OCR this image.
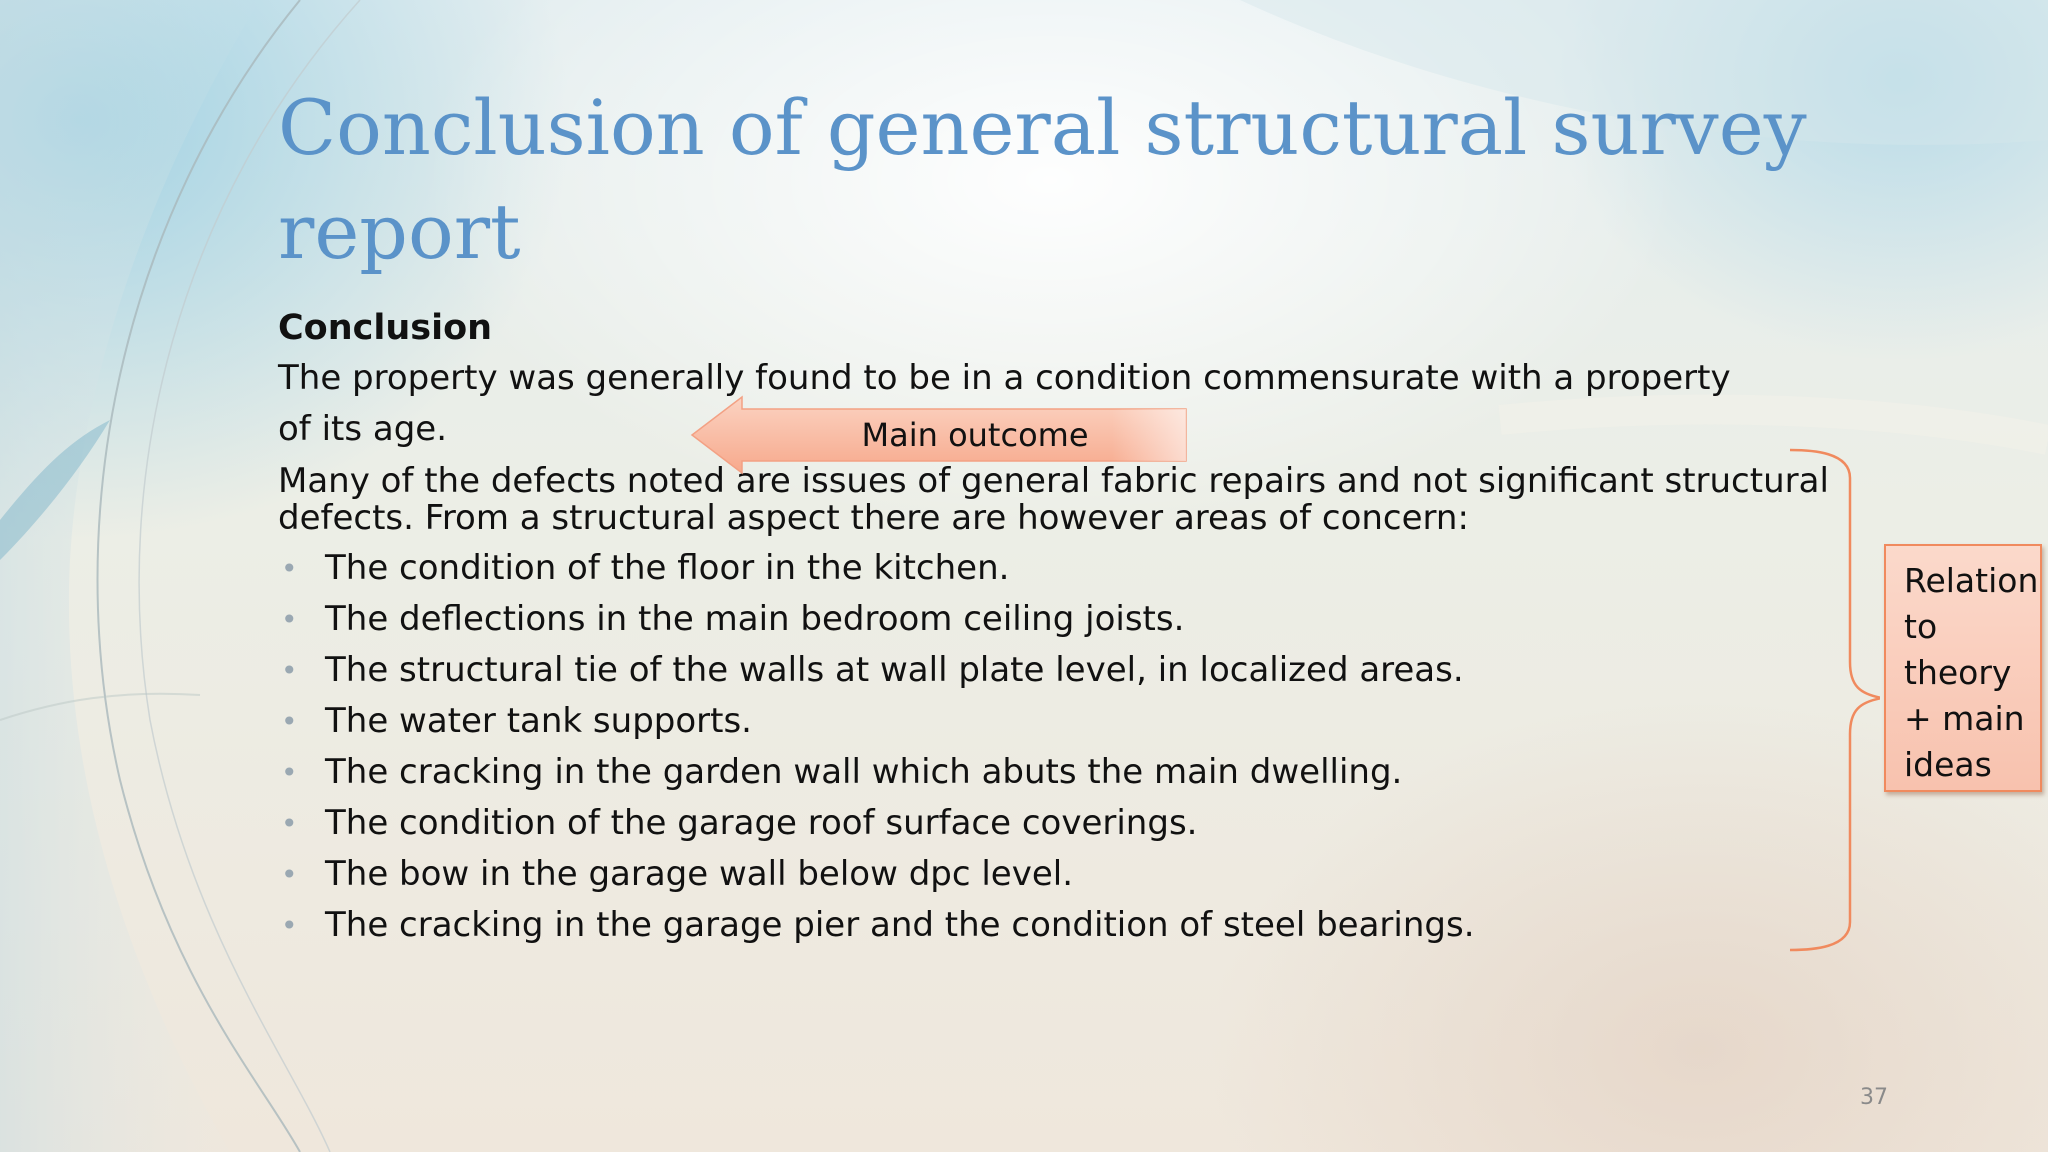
Conclusion of general structural survey
report
Conclusion
The property was generally found to be in a condition commensurate with a property
of its age.
Many of the defects noted are issues of general fabric repairs and not significant structural
defects. From a structural aspect there are however areas of concern:
• The condition of the floor in the kitchen.
• The deflections in the main bedroom ceiling joists.
• The structural tie of the walls at wall plate level, in localized areas.
• The water tank supports.
• The cracking in the garden wall which abuts the main dwelling.
• The condition of the garage roof surface coverings.
• The bow in the garage wall below dpc level.
• The cracking in the garage pier and the condition of steel bearings.
Main outcome
Relation
to
theory
+ main
ideas
37
